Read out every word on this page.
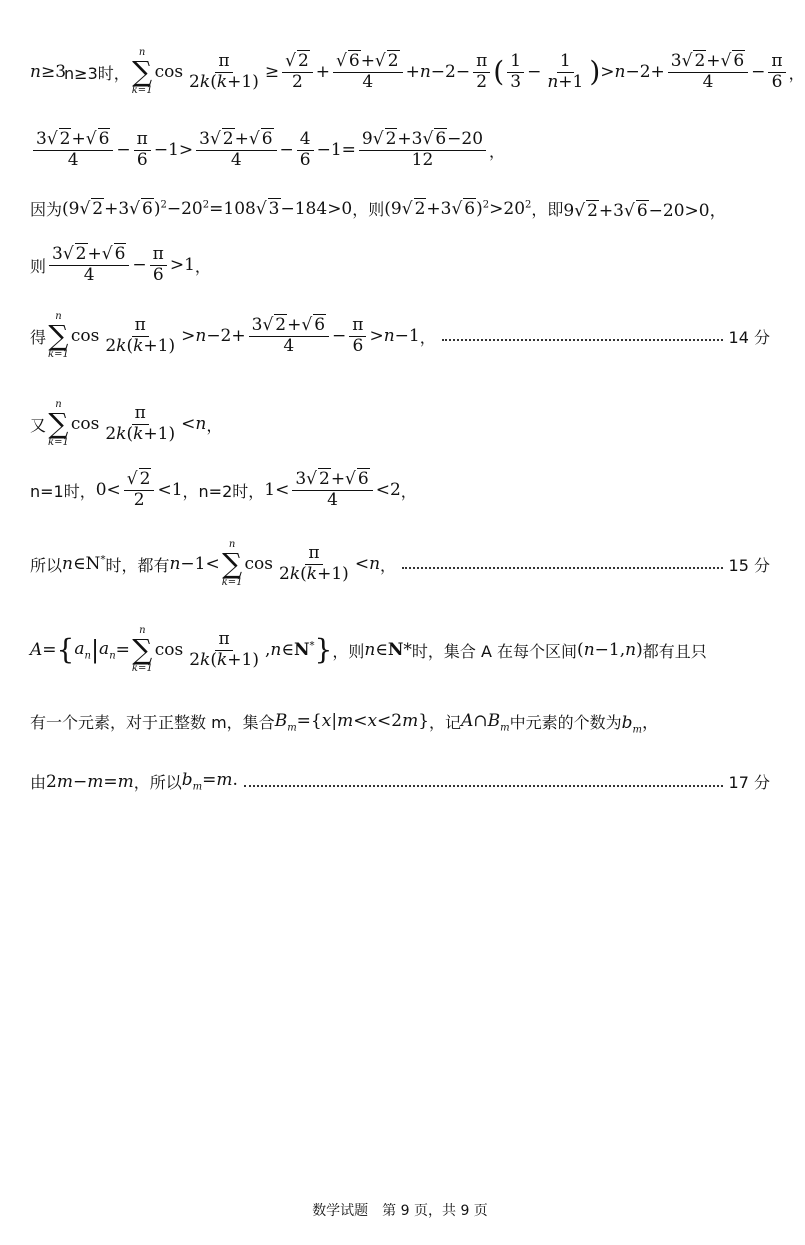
n ≥3
n≥3时，
n
∑
k=1
$\cos \frac{\pi}{2k(k+1)} \ge \frac{√ 2}{2} + \frac{√ 6+√ 2}{4} +n-2- \frac{\pi}{2}$ ( $\frac{1}{3} - \frac{1}{n+1}$ ) $>n-2+ \frac{3√ 2+√ 6}{4} - \frac{\pi}{6}$ ，
$\frac{3√ 2+√ 6}{4} - \frac{\pi}{6} -1> \frac{3√ 2+√ 6}{4} - \frac{4}{6} -1= \frac{9√ 2+3√ 6-20}{12}$ ，
因为 (9√ 2+3√ $6)^2-20^2=108√$ 3−184>0 ，则 (9√ 2+3√ $6)^2>20^2$ ，即 9√ 2+3√ 6−20>0，
则 $\frac{3√ 2+√ 6}{4} - \frac{\pi}{6} >1$ ，
得
n
∑
k=1
$\cos \frac{\pi}{2k(k+1)} >n-2+ \frac{3√ 2+√ 6}{4} - \frac{\pi}{6} >n-1$ ，	14 分
又
n
∑
k=1
$\cos \frac{\pi}{2k(k+1)} <n$ ，
n=1时， $0< \frac{√ 2}{2} <1$ ，n=2时， $1< \frac{3√ 2+√ 6}{4} <2$ ，
所以 n∈N* 时，都有 n−1<
n
∑
k=1
$\cos \frac{\pi}{2k(k+1)} <n$ ，	15 分
A = { $a_n$ | $a_n$ =
n
∑
k=1
$\cos \frac{\pi}{2k(k+1)}$ ,n∈N* } ，则 n∈N* 时，集合 A 在每个区间 (n−1,n) 都有且只
有一个元素，对于正整数 m，集合 $B_m=\{x|m<x<2m\}$ ，记 $A\cap B_m$ 中元素的个数为 $b_m$，
由 2m−m=m ，所以 $b_m=m$.	17 分
数学试题　第 9 页，共 9 页
